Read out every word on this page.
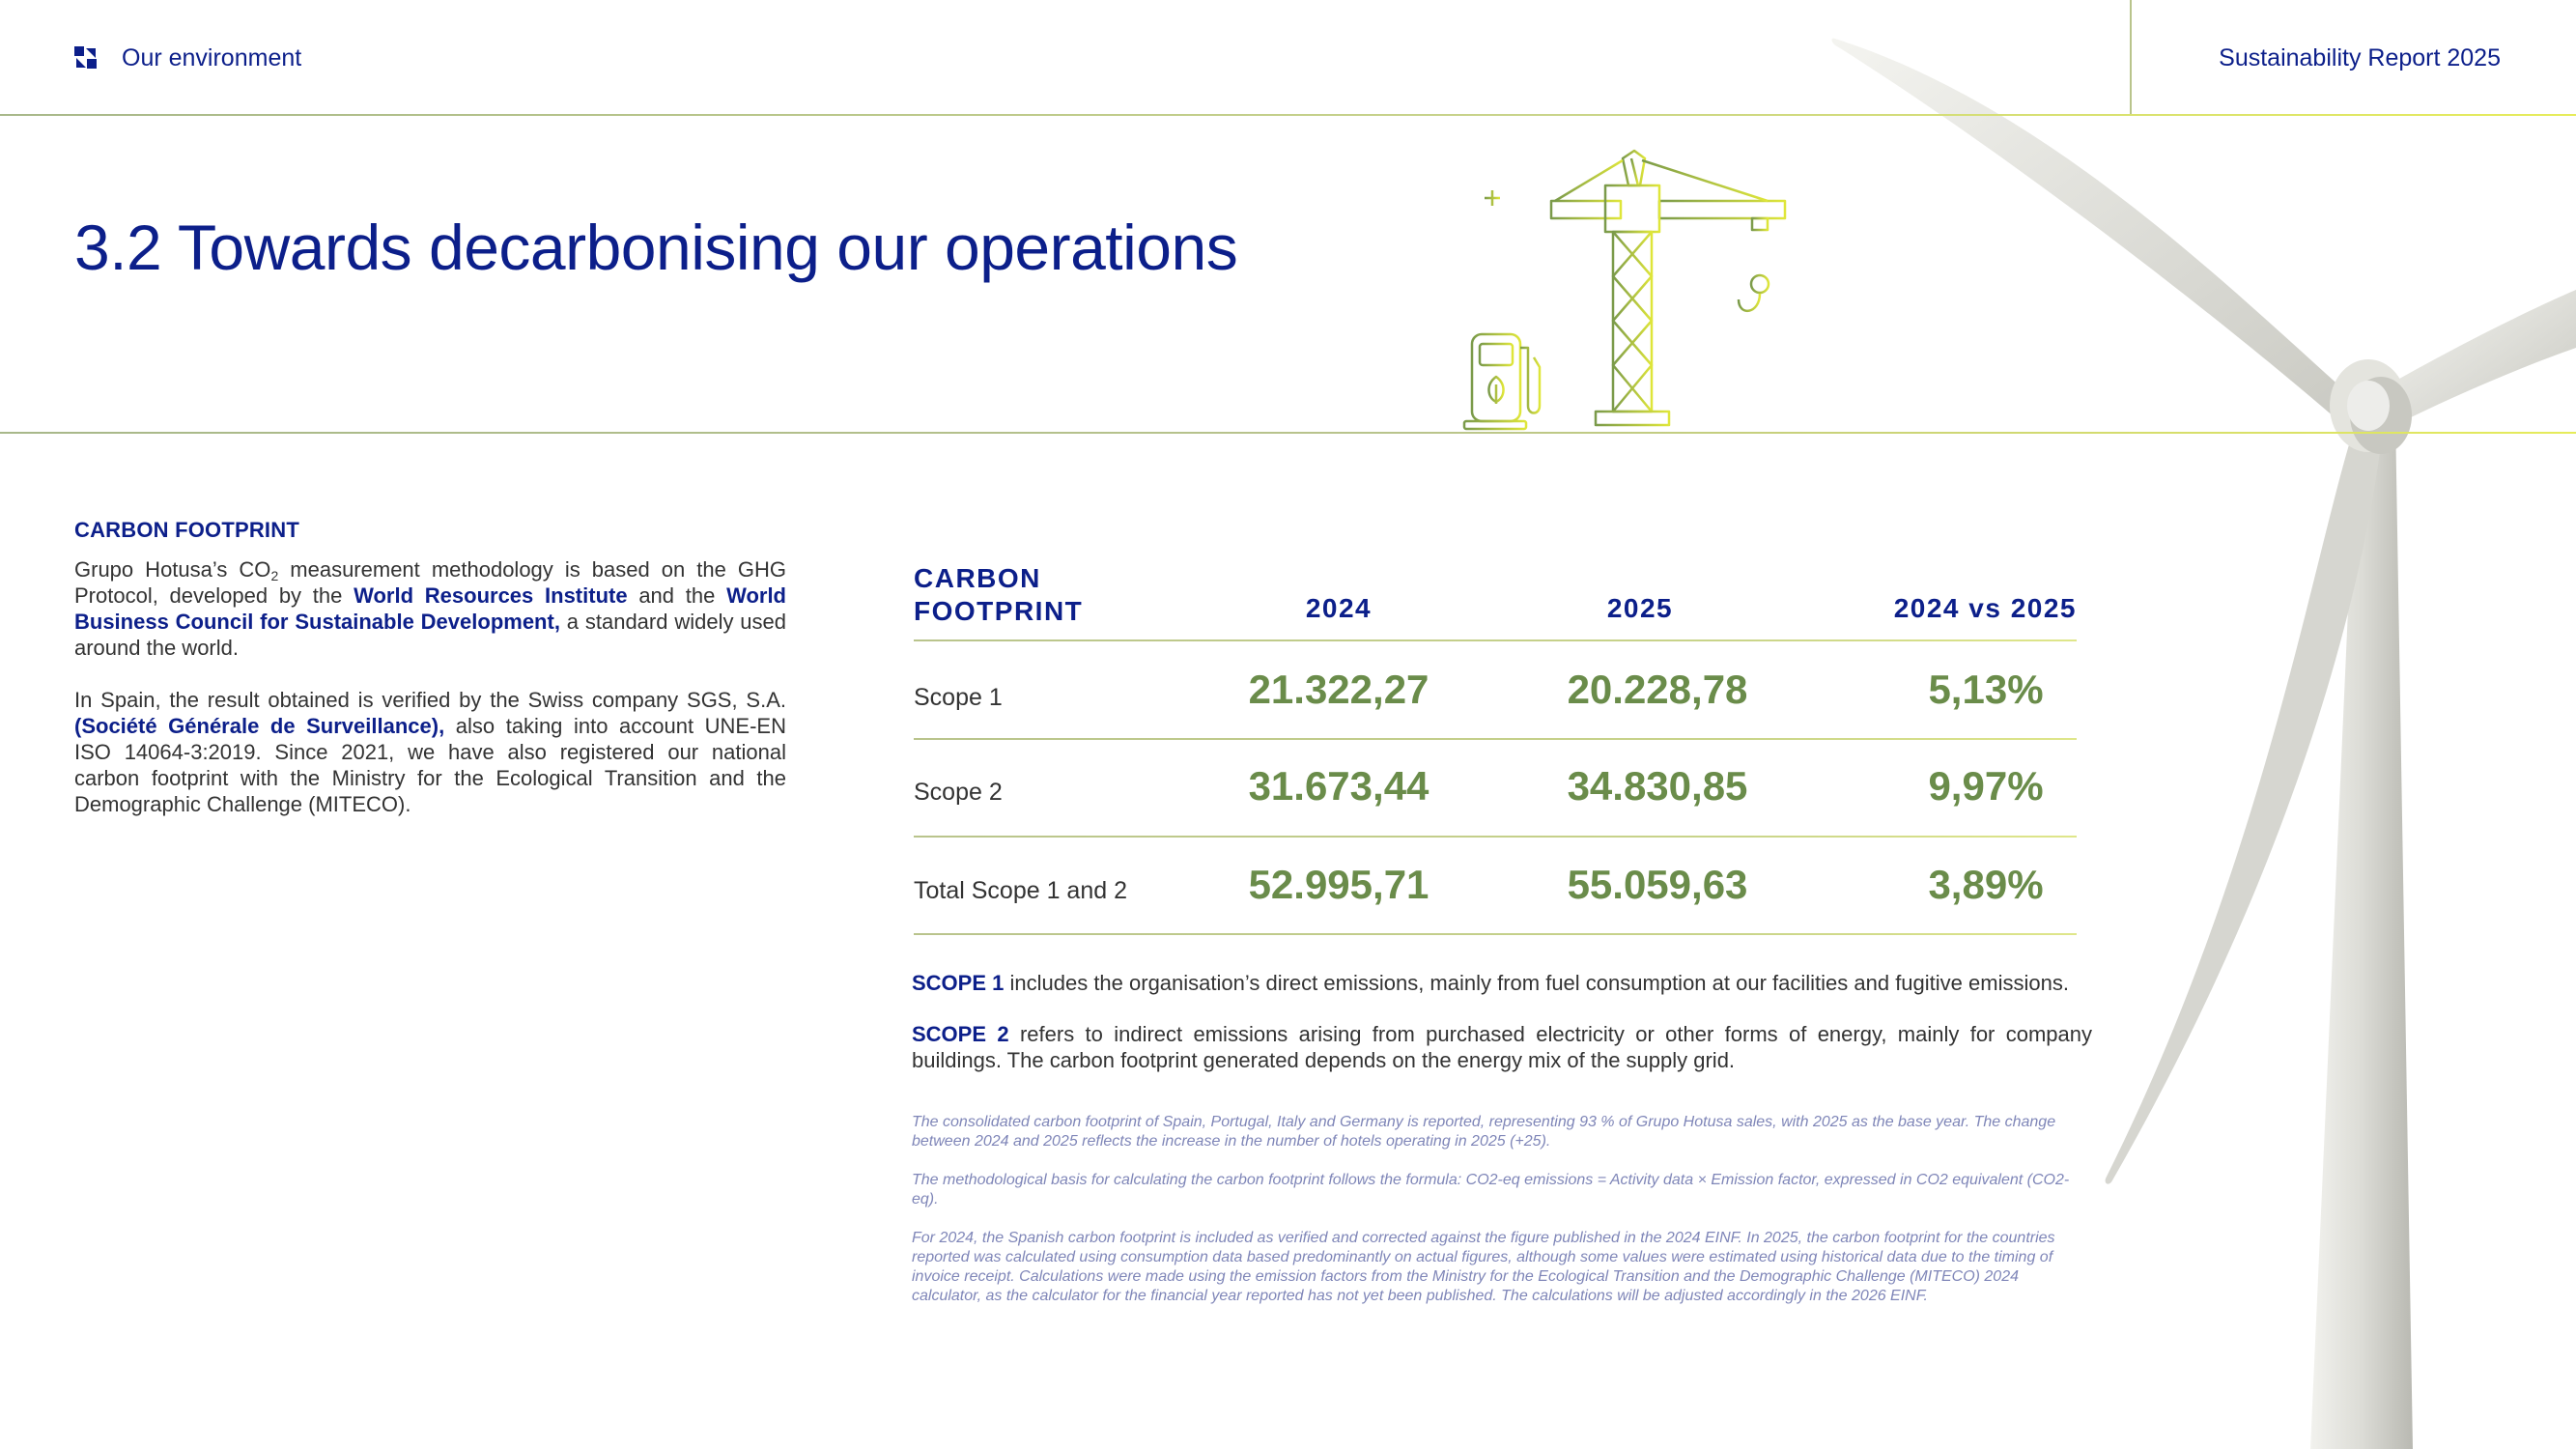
Our environment	Sustainability Report 2025
3.2 Towards decarbonising our operations
CARBON FOOTPRINT

Grupo Hotusa’s $CO_2$ measurement methodology is based on the GHG Protocol, developed by the World Resources Institute and the World Business Council for Sustainable Development, a standard widely used around the world.

In Spain, the result obtained is verified by the Swiss company SGS, S.A. (Société Générale de Surveillance), also taking into account UNE-EN ISO 14064-3:2019. Since 2021, we have also registered our national carbon footprint with the Ministry for the Ecological Transition and the Demographic Challenge (MITECO).

CARBON
FOOTPRINT	2024	2025	2024 vs 2025
Scope 1	21.322,27	20.228,78	5,13%
Scope 2	31.673,44	34.830,85	9,97%
Total Scope 1 and 2	52.995,71	55.059,63	3,89%

SCOPE 1 includes the organisation’s direct emissions, mainly from fuel consumption at our facilities and fugitive emissions.

SCOPE 2 refers to indirect emissions arising from purchased electricity or other forms of energy, mainly for company buildings. The carbon footprint generated depends on the energy mix of the supply grid.

The consolidated carbon footprint of Spain, Portugal, Italy and Germany is reported, representing 93 % of Grupo Hotusa sales, with 2025 as the base year. The change between 2024 and 2025 reflects the increase in the number of hotels operating in 2025 (+25).

The methodological basis for calculating the carbon footprint follows the formula: CO2-eq emissions = Activity data × Emission factor, expressed in CO2 equivalent (CO2-eq).

For 2024, the Spanish carbon footprint is included as verified and corrected against the figure published in the 2024 EINF. In 2025, the carbon footprint for the countries reported was calculated using consumption data based predominantly on actual figures, although some values were estimated using historical data due to the timing of invoice receipt. Calculations were made using the emission factors from the Ministry for the Ecological Transition and the Demographic Challenge (MITECO) 2024 calculator, as the calculator for the financial year reported has not yet been published. The calculations will be adjusted accordingly in the 2026 EINF.
